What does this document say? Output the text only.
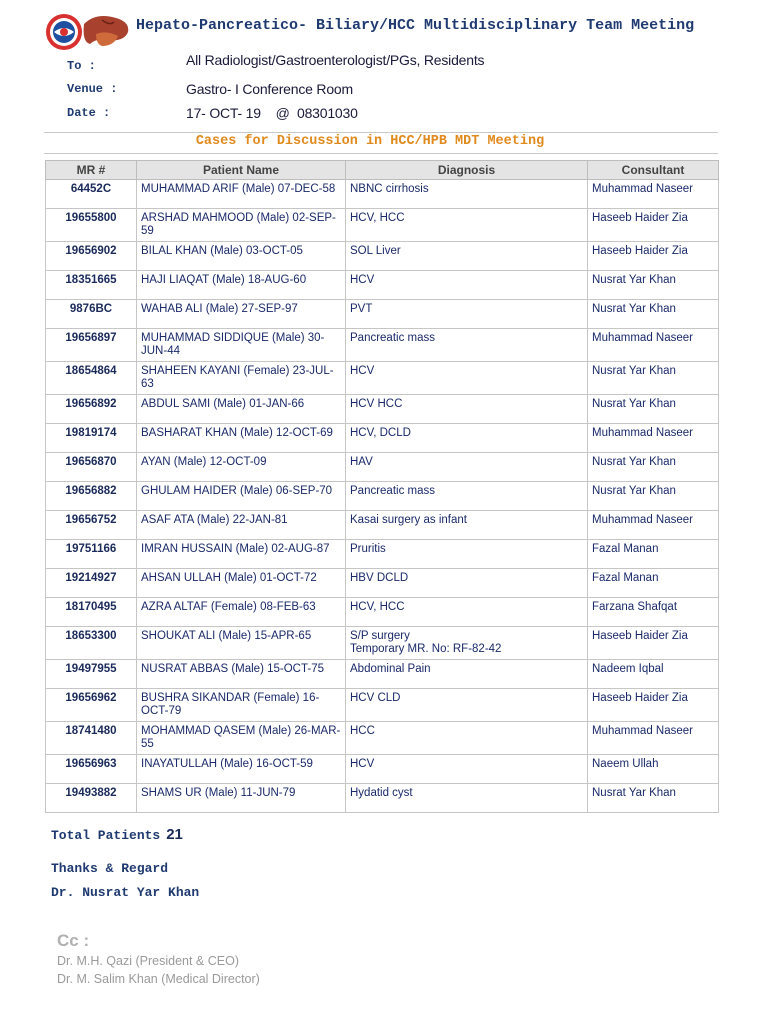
Hepato-Pancreatico- Biliary/HCC Multidisciplinary Team Meeting
To :	All Radiologist/Gastroenterologist/PGs, Residents
Venue :	Gastro- I Conference Room
Date :	17- OCT- 19    @  08301030
Cases for Discussion in HCC/HPB MDT Meeting
MR #	Patient Name	Diagnosis	Consultant
64452C	MUHAMMAD ARIF (Male) 07-DEC-58	NBNC cirrhosis	Muhammad Naseer
19655800	ARSHAD MAHMOOD (Male) 02-SEP-59	HCV, HCC	Haseeb Haider Zia
19656902	BILAL KHAN (Male) 03-OCT-05	SOL Liver	Haseeb Haider Zia
18351665	HAJI LIAQAT (Male) 18-AUG-60	HCV	Nusrat Yar Khan
9876BC	WAHAB ALI (Male) 27-SEP-97	PVT	Nusrat Yar Khan
19656897	MUHAMMAD SIDDIQUE (Male) 30-JUN-44	Pancreatic mass	Muhammad Naseer
18654864	SHAHEEN KAYANI (Female) 23-JUL-63	HCV	Nusrat Yar Khan
19656892	ABDUL SAMI (Male) 01-JAN-66	HCV HCC	Nusrat Yar Khan
19819174	BASHARAT KHAN (Male) 12-OCT-69	HCV, DCLD	Muhammad Naseer
19656870	AYAN (Male) 12-OCT-09	HAV	Nusrat Yar Khan
19656882	GHULAM HAIDER (Male) 06-SEP-70	Pancreatic mass	Nusrat Yar Khan
19656752	ASAF ATA (Male) 22-JAN-81	Kasai surgery as infant	Muhammad Naseer
19751166	IMRAN HUSSAIN (Male) 02-AUG-87	Pruritis	Fazal Manan
19214927	AHSAN ULLAH (Male) 01-OCT-72	HBV DCLD	Fazal Manan
18170495	AZRA ALTAF (Female) 08-FEB-63	HCV, HCC	Farzana Shafqat
18653300	SHOUKAT ALI (Male) 15-APR-65	S/P surgery
Temporary MR. No: RF-82-42	Haseeb Haider Zia
19497955	NUSRAT ABBAS (Male) 15-OCT-75	Abdominal Pain	Nadeem Iqbal
19656962	BUSHRA SIKANDAR (Female) 16-OCT-79	HCV CLD	Haseeb Haider Zia
18741480	MOHAMMAD QASEM (Male) 26-MAR-55	HCC	Muhammad Naseer
19656963	INAYATULLAH (Male) 16-OCT-59	HCV	Naeem Ullah
19493882	SHAMS UR (Male) 11-JUN-79	Hydatid cyst	Nusrat Yar Khan
Total Patients 21
Thanks & Regard
Dr. Nusrat Yar Khan
Cc :
Dr. M.H. Qazi (President & CEO)
Dr. M. Salim Khan (Medical Director)
